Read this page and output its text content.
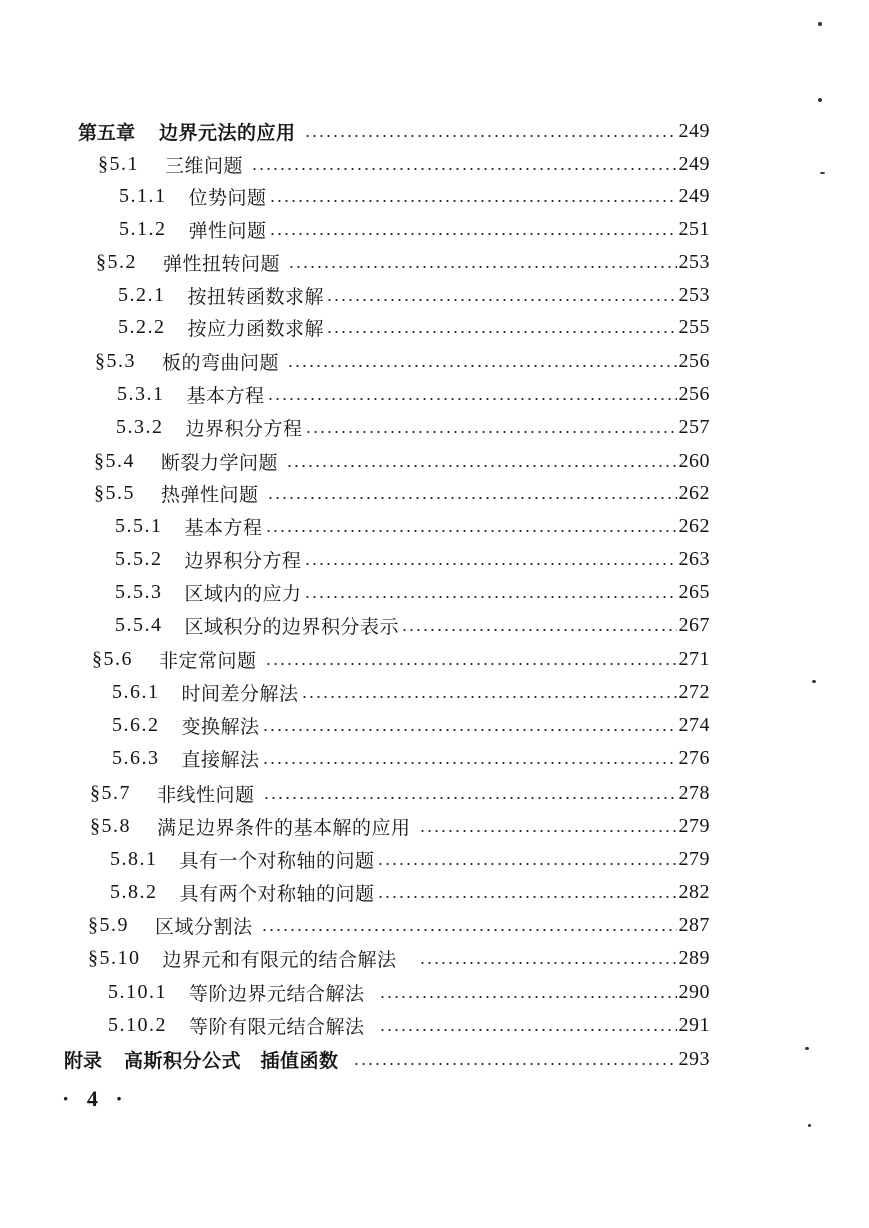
第五章 边界元法的应用	249
§5.1 三维问题	249
5.1.1 位势问题	249
5.1.2 弹性问题	251
§5.2 弹性扭转问题	253
5.2.1 按扭转函数求解	253
5.2.2 按应力函数求解	255
§5.3 板的弯曲问题	256
5.3.1 基本方程	256
5.3.2 边界积分方程	257
§5.4 断裂力学问题	260
§5.5 热弹性问题	262
5.5.1 基本方程	262
5.5.2 边界积分方程	263
5.5.3 区域内的应力	265
5.5.4 区域积分的边界积分表示	267
§5.6 非定常问题	271
5.6.1 时间差分解法	272
5.6.2 变换解法	274
5.6.3 直接解法	276
§5.7 非线性问题	278
§5.8 满足边界条件的基本解的应用	279
5.8.1 具有一个对称轴的问题	279
5.8.2 具有两个对称轴的问题	282
§5.9 区域分割法	287
§5.10 边界元和有限元的结合解法	289
5.10.1 等阶边界元结合解法	290
5.10.2 等阶有限元结合解法	291
附录 高斯积分公式　插值函数	293
· 4 ·
